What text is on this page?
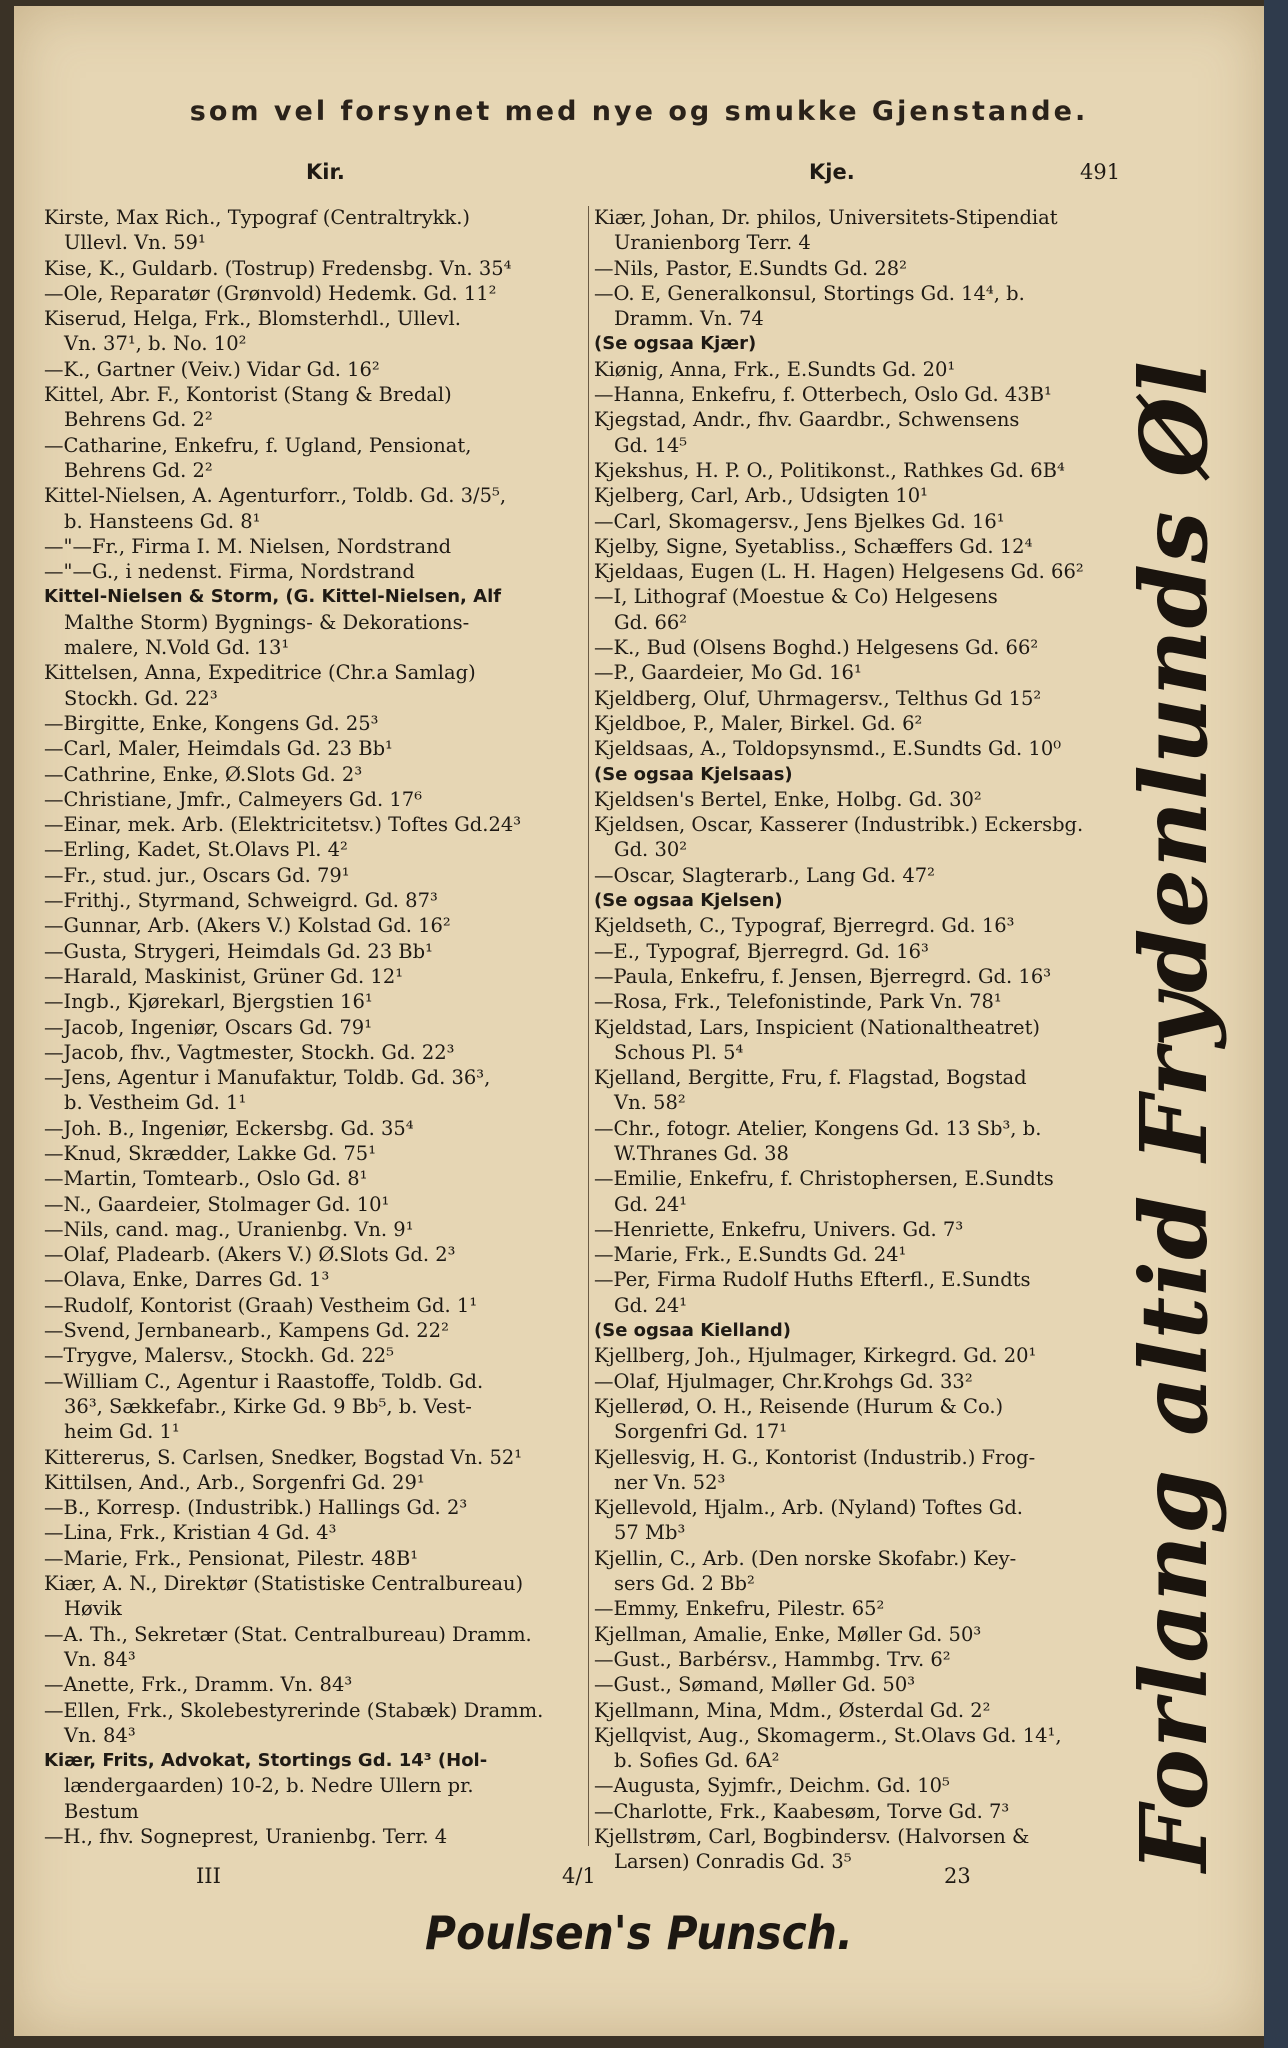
som vel forsynet med nye og smukke Gjenstande.
Kir.	Kje.	491
Kirste, Max Rich., Typograf (Centraltrykk.)
Ullevl. Vn. 59¹
Kise, K., Guldarb. (Tostrup) Fredensbg. Vn. 35⁴
—Ole, Reparatør (Grønvold) Hedemk. Gd. 11²
Kiserud, Helga, Frk., Blomsterhdl., Ullevl.
Vn. 37¹, b. No. 10²
—K., Gartner (Veiv.) Vidar Gd. 16²
Kittel, Abr. F., Kontorist (Stang & Bredal)
Behrens Gd. 2²
—Catharine, Enkefru, f. Ugland, Pensionat,
Behrens Gd. 2²
Kittel-Nielsen, A. Agenturforr., Toldb. Gd. 3/5⁵,
b. Hansteens Gd. 8¹
—"—Fr., Firma I. M. Nielsen, Nordstrand
—"—G., i nedenst. Firma, Nordstrand
Kittel-Nielsen & Storm, (G. Kittel-Nielsen, Alf
Malthe Storm) Bygnings- & Dekorations-
malere, N.Vold Gd. 13¹
Kittelsen, Anna, Expeditrice (Chr.a Samlag)
Stockh. Gd. 22³
—Birgitte, Enke, Kongens Gd. 25³
—Carl, Maler, Heimdals Gd. 23 Bb¹
—Cathrine, Enke, Ø.Slots Gd. 2³
—Christiane, Jmfr., Calmeyers Gd. 17⁶
—Einar, mek. Arb. (Elektricitetsv.) Toftes Gd.24³
—Erling, Kadet, St.Olavs Pl. 4²
—Fr., stud. jur., Oscars Gd. 79¹
—Frithj., Styrmand, Schweigrd. Gd. 87³
—Gunnar, Arb. (Akers V.) Kolstad Gd. 16²
—Gusta, Strygeri, Heimdals Gd. 23 Bb¹
—Harald, Maskinist, Grüner Gd. 12¹
—Ingb., Kjørekarl, Bjergstien 16¹
—Jacob, Ingeniør, Oscars Gd. 79¹
—Jacob, fhv., Vagtmester, Stockh. Gd. 22³
—Jens, Agentur i Manufaktur, Toldb. Gd. 36³,
b. Vestheim Gd. 1¹
—Joh. B., Ingeniør, Eckersbg. Gd. 35⁴
—Knud, Skrædder, Lakke Gd. 75¹
—Martin, Tomtearb., Oslo Gd. 8¹
—N., Gaardeier, Stolmager Gd. 10¹
—Nils, cand. mag., Uranienbg. Vn. 9¹
—Olaf, Pladearb. (Akers V.) Ø.Slots Gd. 2³
—Olava, Enke, Darres Gd. 1³
—Rudolf, Kontorist (Graah) Vestheim Gd. 1¹
—Svend, Jernbanearb., Kampens Gd. 22²
—Trygve, Malersv., Stockh. Gd. 22⁵
—William C., Agentur i Raastoffe, Toldb. Gd.
36³, Sækkefabr., Kirke Gd. 9 Bb⁵, b. Vest-
heim Gd. 1¹
Kittererus, S. Carlsen, Snedker, Bogstad Vn. 52¹
Kittilsen, And., Arb., Sorgenfri Gd. 29¹
—B., Korresp. (Industribk.) Hallings Gd. 2³
—Lina, Frk., Kristian 4 Gd. 4³
—Marie, Frk., Pensionat, Pilestr. 48B¹
Kiær, A. N., Direktør (Statistiske Centralbureau)
Høvik
—A. Th., Sekretær (Stat. Centralbureau) Dramm.
Vn. 84³
—Anette, Frk., Dramm. Vn. 84³
—Ellen, Frk., Skolebestyrerinde (Stabæk) Dramm.
Vn. 84³
Kiær, Frits, Advokat, Stortings Gd. 14³ (Hol-
lændergaarden) 10-2, b. Nedre Ullern pr.
Bestum
—H., fhv. Sogneprest, Uranienbg. Terr. 4
Kiær, Johan, Dr. philos, Universitets-Stipendiat
Uranienborg Terr. 4
—Nils, Pastor, E.Sundts Gd. 28²
—O. E, Generalkonsul, Stortings Gd. 14⁴, b.
Dramm. Vn. 74
(Se ogsaa Kjær)
Kiønig, Anna, Frk., E.Sundts Gd. 20¹
—Hanna, Enkefru, f. Otterbech, Oslo Gd. 43B¹
Kjegstad, Andr., fhv. Gaardbr., Schwensens
Gd. 14⁵
Kjekshus, H. P. O., Politikonst., Rathkes Gd. 6B⁴
Kjelberg, Carl, Arb., Udsigten 10¹
—Carl, Skomagersv., Jens Bjelkes Gd. 16¹
Kjelby, Signe, Syetabliss., Schæffers Gd. 12⁴
Kjeldaas, Eugen (L. H. Hagen) Helgesens Gd. 66²
—I, Lithograf (Moestue & Co) Helgesens
Gd. 66²
—K., Bud (Olsens Boghd.) Helgesens Gd. 66²
—P., Gaardeier, Mo Gd. 16¹
Kjeldberg, Oluf, Uhrmagersv., Telthus Gd 15²
Kjeldboe, P., Maler, Birkel. Gd. 6²
Kjeldsaas, A., Toldopsynsmd., E.Sundts Gd. 10⁰
(Se ogsaa Kjelsaas)
Kjeldsen's Bertel, Enke, Holbg. Gd. 30²
Kjeldsen, Oscar, Kasserer (Industribk.) Eckersbg.
Gd. 30²
—Oscar, Slagterarb., Lang Gd. 47²
(Se ogsaa Kjelsen)
Kjeldseth, C., Typograf, Bjerregrd. Gd. 16³
—E., Typograf, Bjerregrd. Gd. 16³
—Paula, Enkefru, f. Jensen, Bjerregrd. Gd. 16³
—Rosa, Frk., Telefonistinde, Park Vn. 78¹
Kjeldstad, Lars, Inspicient (Nationaltheatret)
Schous Pl. 5⁴
Kjelland, Bergitte, Fru, f. Flagstad, Bogstad
Vn. 58²
—Chr., fotogr. Atelier, Kongens Gd. 13 Sb³, b.
W.Thranes Gd. 38
—Emilie, Enkefru, f. Christophersen, E.Sundts
Gd. 24¹
—Henriette, Enkefru, Univers. Gd. 7³
—Marie, Frk., E.Sundts Gd. 24¹
—Per, Firma Rudolf Huths Efterfl., E.Sundts
Gd. 24¹
(Se ogsaa Kielland)
Kjellberg, Joh., Hjulmager, Kirkegrd. Gd. 20¹
—Olaf, Hjulmager, Chr.Krohgs Gd. 33²
Kjellerød, O. H., Reisende (Hurum & Co.)
Sorgenfri Gd. 17¹
Kjellesvig, H. G., Kontorist (Industrib.) Frog-
ner Vn. 52³
Kjellevold, Hjalm., Arb. (Nyland) Toftes Gd.
57 Mb³
Kjellin, C., Arb. (Den norske Skofabr.) Key-
sers Gd. 2 Bb²
—Emmy, Enkefru, Pilestr. 65²
Kjellman, Amalie, Enke, Møller Gd. 50³
—Gust., Barbérsv., Hammbg. Trv. 6²
—Gust., Sømand, Møller Gd. 50³
Kjellmann, Mina, Mdm., Østerdal Gd. 2²
Kjellqvist, Aug., Skomagerm., St.Olavs Gd. 14¹,
b. Sofies Gd. 6A²
—Augusta, Syjmfr., Deichm. Gd. 10⁵
—Charlotte, Frk., Kaabesøm, Torve Gd. 7³
Kjellstrøm, Carl, Bogbindersv. (Halvorsen &
Larsen) Conradis Gd. 3⁵	Forlang altid Frydenlunds Øl
III	4/1	23
Poulsen's Punsch.
